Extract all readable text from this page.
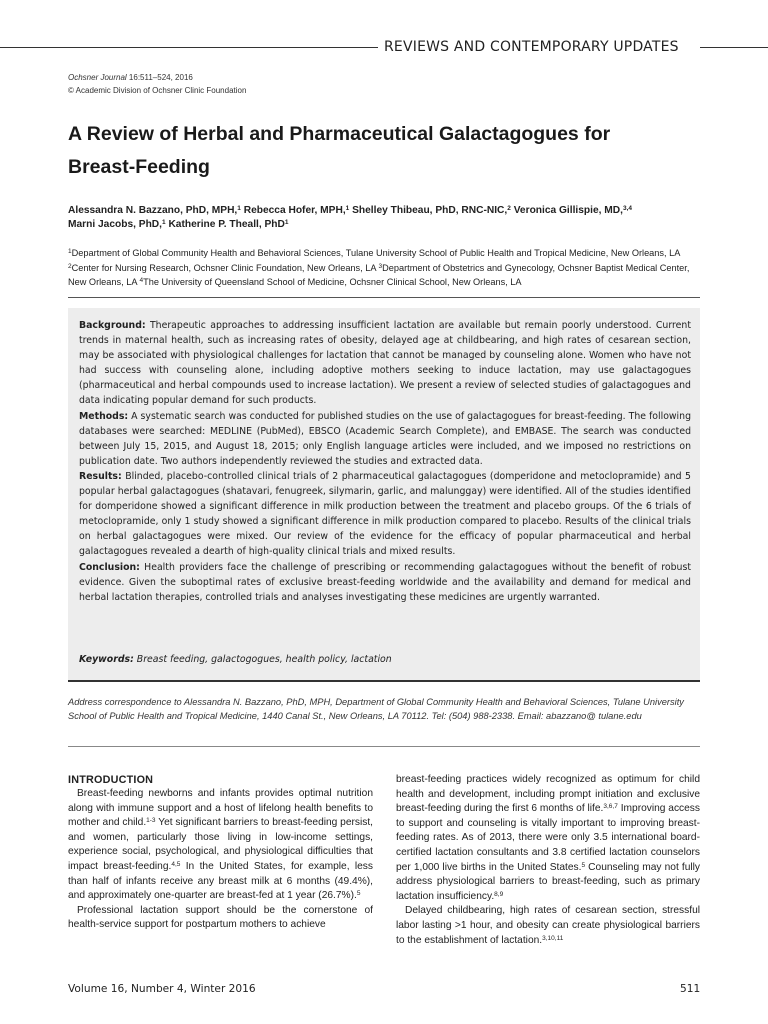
REVIEWS AND CONTEMPORARY UPDATES
Ochsner Journal 16:511–524, 2016
© Academic Division of Ochsner Clinic Foundation
A Review of Herbal and Pharmaceutical Galactagogues for
Breast-Feeding
Alessandra N. Bazzano, PhD, MPH,$^1$ Rebecca Hofer, MPH,$^1$ Shelley Thibeau, PhD, RNC-NIC,$^2$ Veronica Gillispie, MD,$^{3,4}$
Marni Jacobs, PhD,$^1$ Katherine P. Theall, PhD$^1$
$^1$Department of Global Community Health and Behavioral Sciences, Tulane University School of Public Health and Tropical Medicine, New Orleans, LA $^2$Center for Nursing Research, Ochsner Clinic Foundation, New Orleans, LA $^3$Department of Obstetrics and Gynecology, Ochsner Baptist Medical Center, New Orleans, LA $^4$The University of Queensland School of Medicine, Ochsner Clinical School, New Orleans, LA

Background: Therapeutic approaches to addressing insufficient lactation are available but remain poorly understood. Current trends in maternal health, such as increasing rates of obesity, delayed age at childbearing, and high rates of cesarean section, may be associated with physiological challenges for lactation that cannot be managed by counseling alone. Women who have not had success with counseling alone, including adoptive mothers seeking to induce lactation, may use galactagogues (pharmaceutical and herbal compounds used to increase lactation). We present a review of selected studies of galactagogues and data indicating popular demand for such products.

Methods: A systematic search was conducted for published studies on the use of galactagogues for breast-feeding. The following databases were searched: MEDLINE (PubMed), EBSCO (Academic Search Complete), and EMBASE. The search was conducted between July 15, 2015, and August 18, 2015; only English language articles were included, and we imposed no restrictions on publication date. Two authors independently reviewed the studies and extracted data.

Results: Blinded, placebo-controlled clinical trials of 2 pharmaceutical galactagogues (domperidone and metoclopramide) and 5 popular herbal galactagogues (shatavari, fenugreek, silymarin, garlic, and malunggay) were identified. All of the studies identified for domperidone showed a significant difference in milk production between the treatment and placebo groups. Of the 6 trials of metoclopramide, only 1 study showed a significant difference in milk production compared to placebo. Results of the clinical trials on herbal galactagogues were mixed. Our review of the evidence for the efficacy of popular pharmaceutical and herbal galactagogues revealed a dearth of high-quality clinical trials and mixed results.

Conclusion: Health providers face the challenge of prescribing or recommending galactagogues without the benefit of robust evidence. Given the suboptimal rates of exclusive breast-feeding worldwide and the availability and demand for medical and herbal lactation therapies, controlled trials and analyses investigating these medicines are urgently warranted.

Keywords: Breast feeding, galactogogues, health policy, lactation
Address correspondence to Alessandra N. Bazzano, PhD, MPH, Department of Global Community Health and Behavioral Sciences, Tulane University School of Public Health and Tropical Medicine, 1440 Canal St., New Orleans, LA 70112. Tel: (504) 988-2338. Email: abazzano@ tulane.edu
INTRODUCTION

Breast-feeding newborns and infants provides optimal nutrition along with immune support and a host of lifelong health benefits to mother and child.$^{1-3}$ Yet significant barriers to breast-feeding persist, and women, particularly those living in low-income settings, experience social, psychological, and physiological difficulties that impact breast-feeding.$^{4,5}$ In the United States, for example, less than half of infants receive any breast milk at 6 months (49.4%), and approximately one-quarter are breast-fed at 1 year (26.7%).$^5$

Professional lactation support should be the cornerstone of health-service support for postpartum mothers to achieve

breast-feeding practices widely recognized as optimum for child health and development, including prompt initiation and exclusive breast-feeding during the first 6 months of life.$^{3,6,7}$ Improving access to support and counseling is vitally important to improving breast-feeding rates. As of 2013, there were only 3.5 international board-certified lactation consultants and 3.8 certified lactation counselors per 1,000 live births in the United States.$^5$ Counseling may not fully address physiological barriers to breast-feeding, such as primary lactation insufficiency.$^{8,9}$

Delayed childbearing, high rates of cesarean section, stressful labor lasting >1 hour, and obesity can create physiological barriers to the establishment of lactation.$^{3,10,11}$

Volume 16, Number 4, Winter 2016	511
